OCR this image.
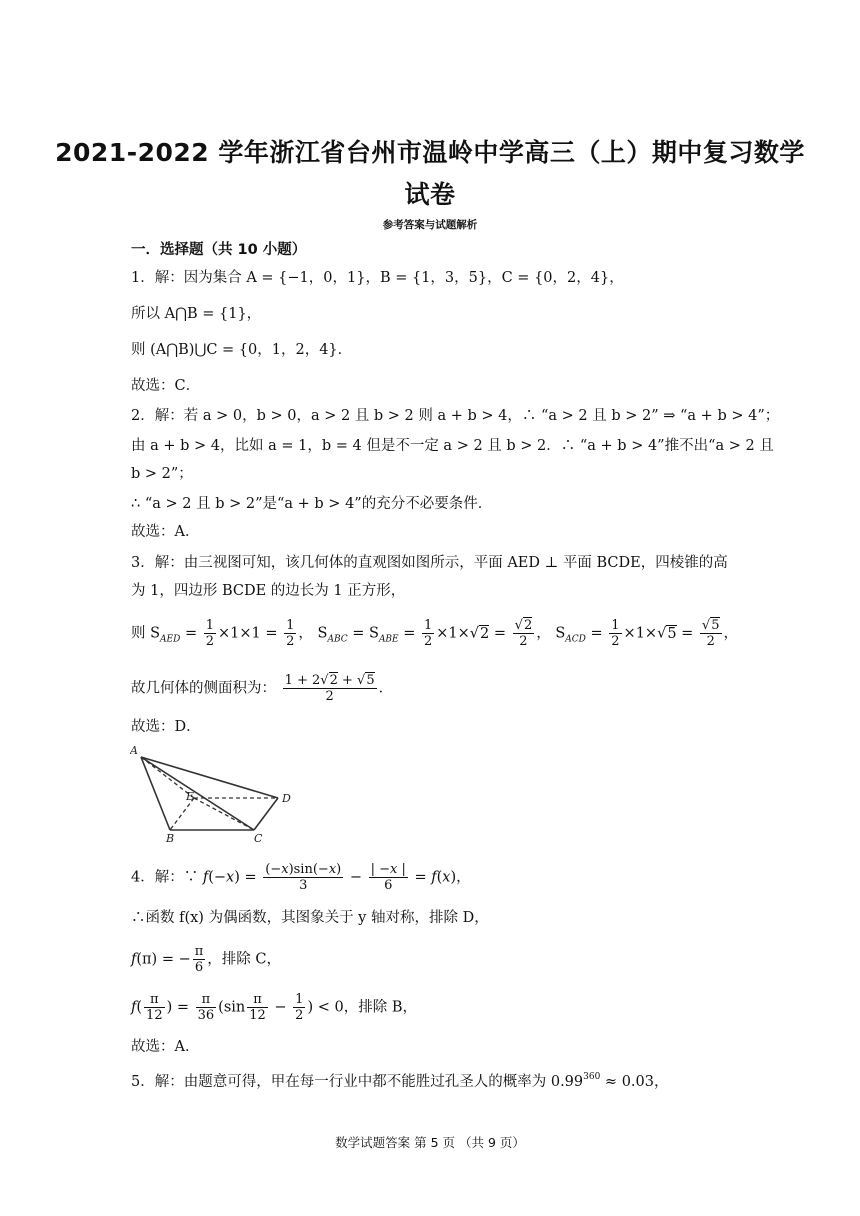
2021-2022 学年浙江省台州市温岭中学高三（上）期中复习数学
试卷
参考答案与试题解析
一．选择题（共 10 小题）
1．解：因为集合 A = {−1，0，1}，B = {1，3，5}，C = {0，2，4}，
所以 A⋂B = {1}，
则 (A⋂B)⋃C = {0，1，2，4}．
故选：C．
2．解：若 a > 0，b > 0，a > 2 且 b > 2 则 a + b > 4，∴ “a > 2 且 b > 2” ⇒ “a + b > 4”；
由 a + b > 4，比如 a = 1，b = 4 但是不一定 a > 2 且 b > 2．∴ “a + b > 4”推不出“a > 2 且
b > 2”；
∴ “a > 2 且 b > 2”是“a + b > 4”的充分不必要条件．
故选：A．
3．解：由三视图可知，该几何体的直观图如图所示，平面 AED ⊥ 平面 BCDE，四棱锥的高
为 1，四边形 BCDE 的边长为 1 正方形，
则 $S_{AED} = \frac{1}{2} \times 1\times 1 = \frac{1}{2}$ ， $S_{ABC} = S_{ABE} = \frac{1}{2} \times 1\times√2 = \frac{√2}{2}$ ， $S_{ACD} = \frac{1}{2} \times 1\times√5 = \frac{√5}{2}$ ，
故几何体的侧面积为： $\frac{1 + 2√2 + √5}{2}$ ．
故选：D．
A
E	D
B	C
4．解：∵ $f(-x) = \frac{(-x)\sin(-x)}{3} - \frac{| -x |}{6} = f(x)$，
∴函数 f(x) 为偶函数，其图象关于 y 轴对称，排除 D，
f(π) = − $\frac{\pi}{6}$ ，排除 C，
$f( \frac{\pi}{12}$ ) = $\frac{\pi}{36} (\sin \frac{\pi}{12} - \frac{1}{2}$ ) < 0，排除 B，
故选：A．
5．解：由题意可得，甲在每一行业中都不能胜过孔圣人的概率为 $0.99^{360} \approx 0.03$，
数学试题答案 第 5 页 （共 9 页）
